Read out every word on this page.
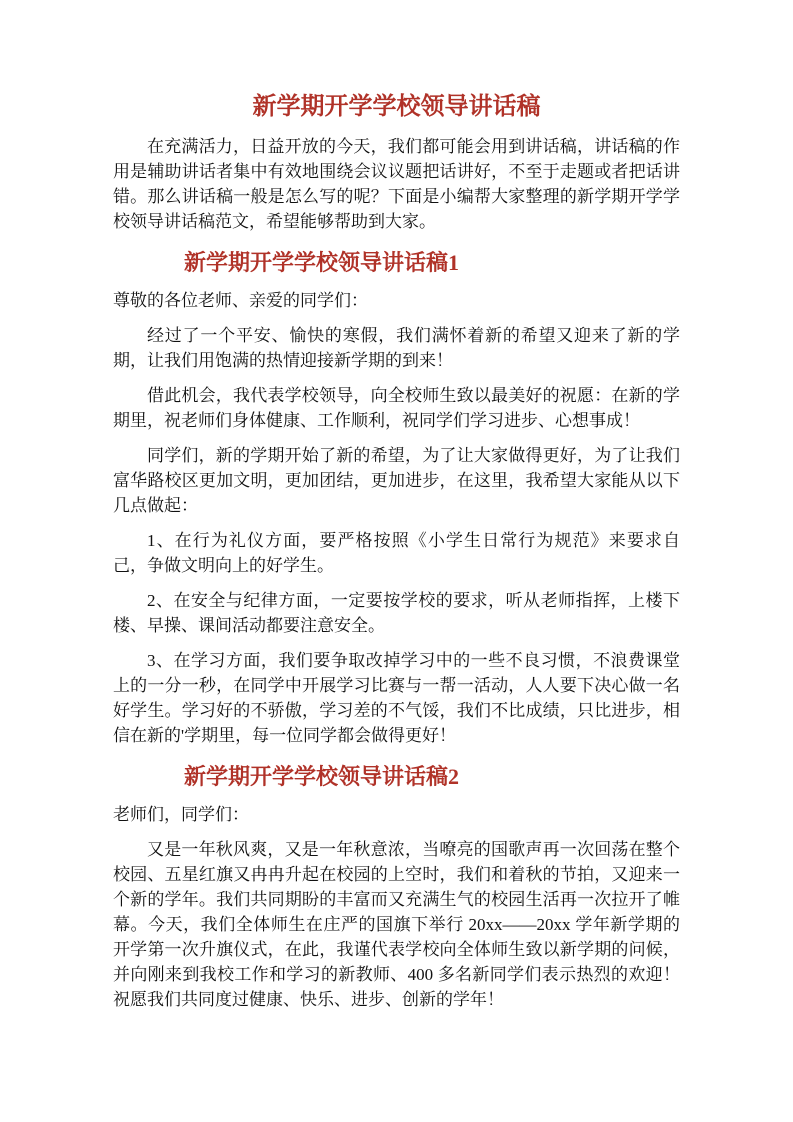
新学期开学学校领导讲话稿

在充满活力，日益开放的今天，我们都可能会用到讲话稿，讲话稿的作用是辅助讲话者集中有效地围绕会议议题把话讲好，不至于走题或者把话讲错。那么讲话稿一般是怎么写的呢？下面是小编帮大家整理的新学期开学学校领导讲话稿范文，希望能够帮助到大家。

新学期开学学校领导讲话稿1

尊敬的各位老师、亲爱的同学们：

经过了一个平安、愉快的寒假，我们满怀着新的希望又迎来了新的学期，让我们用饱满的热情迎接新学期的到来！

借此机会，我代表学校领导，向全校师生致以最美好的祝愿：在新的学期里，祝老师们身体健康、工作顺利，祝同学们学习进步、心想事成！

同学们，新的学期开始了新的希望，为了让大家做得更好，为了让我们富华路校区更加文明，更加团结，更加进步，在这里，我希望大家能从以下几点做起：

1、在行为礼仪方面，要严格按照《小学生日常行为规范》来要求自己，争做文明向上的好学生。

2、在安全与纪律方面，一定要按学校的要求，听从老师指挥，上楼下楼、早操、课间活动都要注意安全。

3、在学习方面，我们要争取改掉学习中的一些不良习惯，不浪费课堂上的一分一秒，在同学中开展学习比赛与一帮一活动，人人要下决心做一名好学生。学习好的不骄傲，学习差的不气馁，我们不比成绩，只比进步，相信在新的'学期里，每一位同学都会做得更好！

新学期开学学校领导讲话稿2

老师们，同学们：

又是一年秋风爽，又是一年秋意浓，当嘹亮的国歌声再一次回荡在整个校园、五星红旗又冉冉升起在校园的上空时，我们和着秋的节拍，又迎来一个新的学年。我们共同期盼的丰富而又充满生气的校园生活再一次拉开了帷幕。今天，我们全体师生在庄严的国旗下举行 20xx——20xx 学年新学期的开学第一次升旗仪式，在此，我谨代表学校向全体师生致以新学期的问候，并向刚来到我校工作和学习的新教师、400 多名新同学们表示热烈的欢迎！祝愿我们共同度过健康、快乐、进步、创新的学年！
